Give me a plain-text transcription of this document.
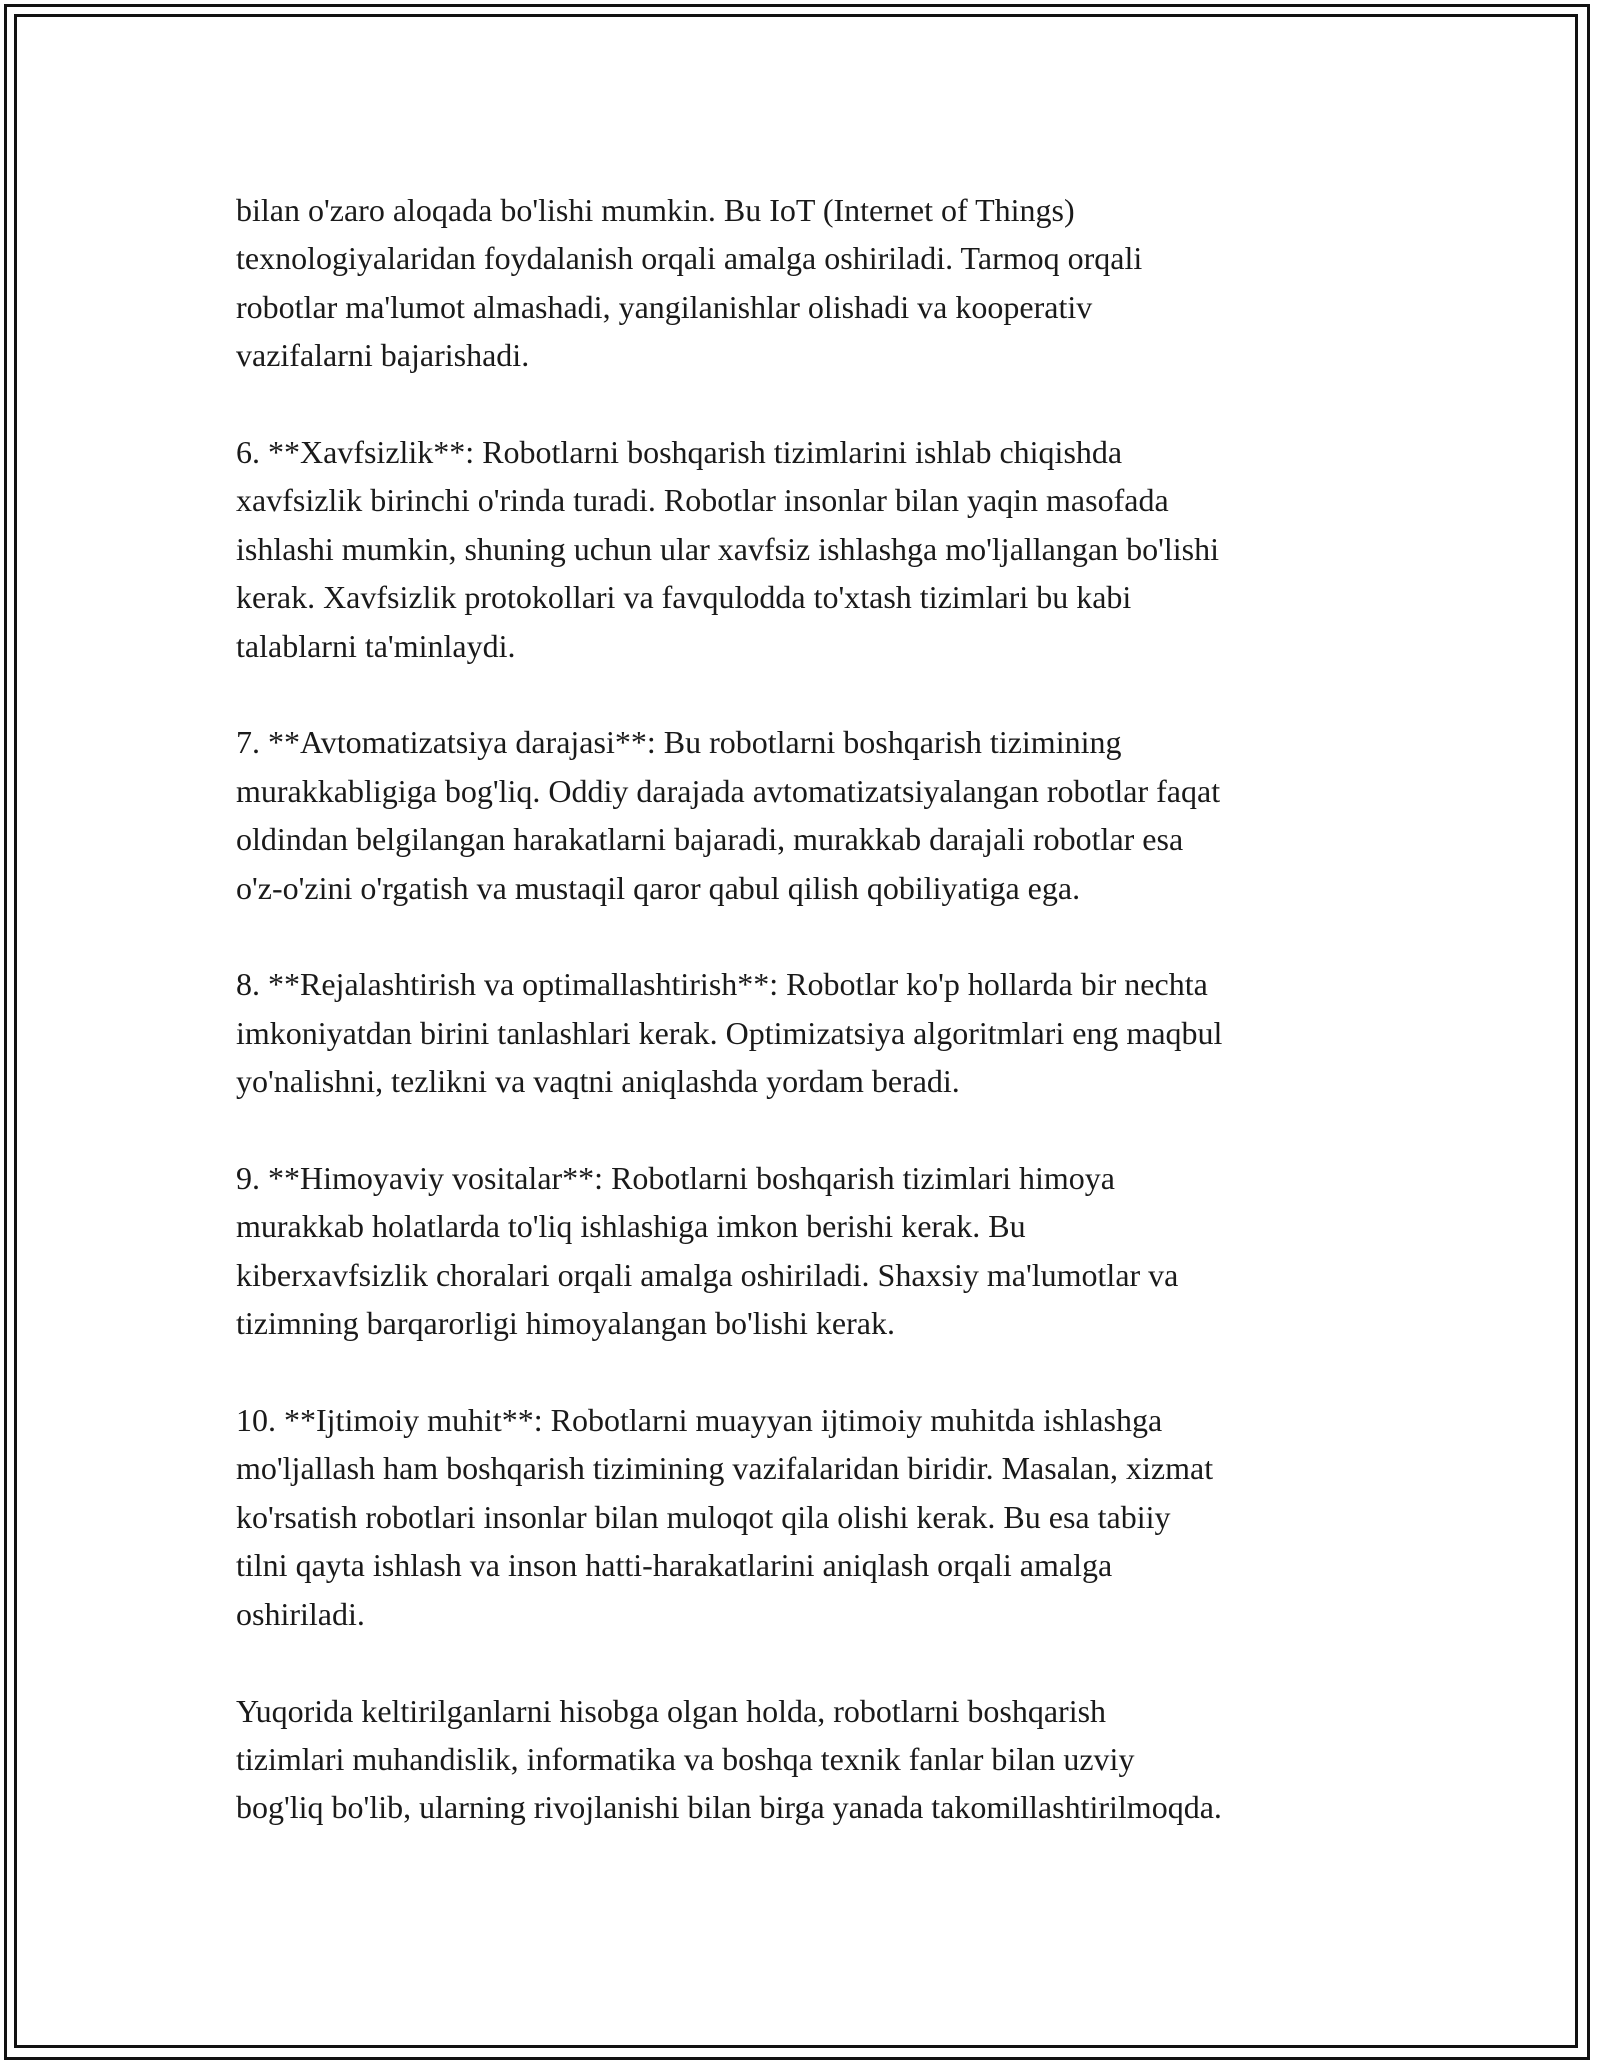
bilan o'zaro aloqada bo'lishi mumkin. Bu IoT (Internet of Things)
texnologiyalaridan foydalanish orqali amalga oshiriladi. Tarmoq orqali
robotlar ma'lumot almashadi, yangilanishlar olishadi va kooperativ
vazifalarni bajarishadi.

6. **Xavfsizlik**: Robotlarni boshqarish tizimlarini ishlab chiqishda
xavfsizlik birinchi o'rinda turadi. Robotlar insonlar bilan yaqin masofada
ishlashi mumkin, shuning uchun ular xavfsiz ishlashga mo'ljallangan bo'lishi
kerak. Xavfsizlik protokollari va favqulodda to'xtash tizimlari bu kabi
talablarni ta'minlaydi.

7. **Avtomatizatsiya darajasi**: Bu robotlarni boshqarish tizimining
murakkabligiga bog'liq. Oddiy darajada avtomatizatsiyalangan robotlar faqat
oldindan belgilangan harakatlarni bajaradi, murakkab darajali robotlar esa
o'z-o'zini o'rgatish va mustaqil qaror qabul qilish qobiliyatiga ega.

8. **Rejalashtirish va optimallashtirish**: Robotlar ko'p hollarda bir nechta
imkoniyatdan birini tanlashlari kerak. Optimizatsiya algoritmlari eng maqbul
yo'nalishni, tezlikni va vaqtni aniqlashda yordam beradi.

9. **Himoyaviy vositalar**: Robotlarni boshqarish tizimlari himoya
murakkab holatlarda to'liq ishlashiga imkon berishi kerak. Bu
kiberxavfsizlik choralari orqali amalga oshiriladi. Shaxsiy ma'lumotlar va
tizimning barqarorligi himoyalangan bo'lishi kerak.

10. **Ijtimoiy muhit**: Robotlarni muayyan ijtimoiy muhitda ishlashga
mo'ljallash ham boshqarish tizimining vazifalaridan biridir. Masalan, xizmat
ko'rsatish robotlari insonlar bilan muloqot qila olishi kerak. Bu esa tabiiy
tilni qayta ishlash va inson hatti-harakatlarini aniqlash orqali amalga
oshiriladi.

Yuqorida keltirilganlarni hisobga olgan holda, robotlarni boshqarish
tizimlari muhandislik, informatika va boshqa texnik fanlar bilan uzviy
bog'liq bo'lib, ularning rivojlanishi bilan birga yanada takomillashtirilmoqda.
